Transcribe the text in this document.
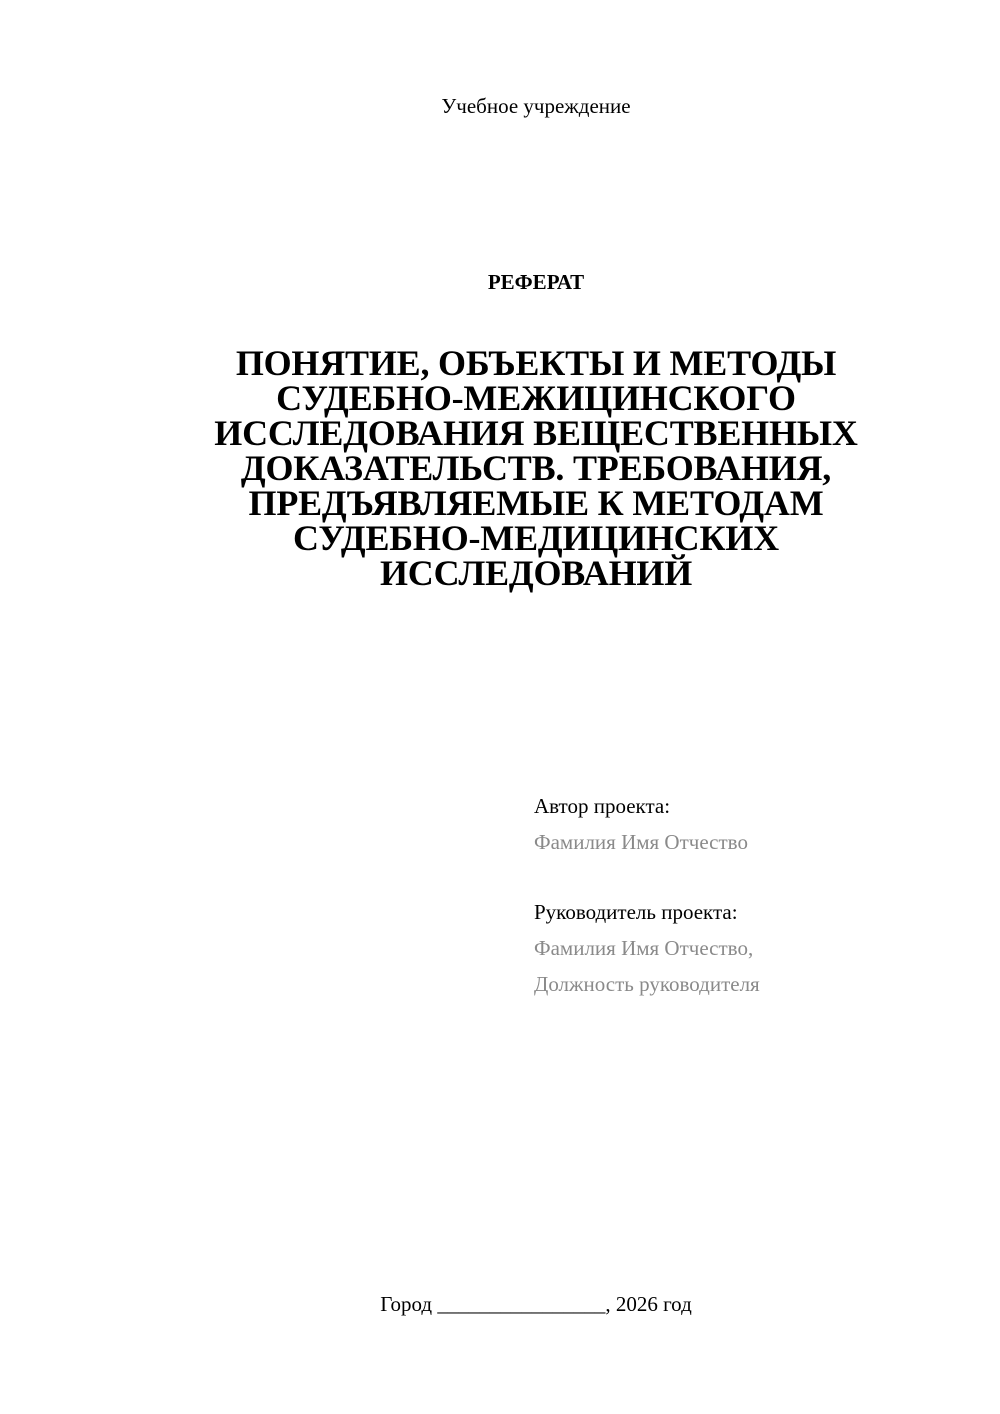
Учебное учреждение
РЕФЕРАТ
ПОНЯТИЕ, ОБЪЕКТЫ И МЕТОДЫ
СУДЕБНО-МЕЖИЦИНСКОГО
ИССЛЕДОВАНИЯ ВЕЩЕСТВЕННЫХ
ДОКАЗАТЕЛЬСТВ. ТРЕБОВАНИЯ,
ПРЕДЪЯВЛЯЕМЫЕ К МЕТОДАМ
СУДЕБНО-МЕДИЦИНСКИХ
ИССЛЕДОВАНИЙ
Автор проекта:
Фамилия Имя Отчество
Руководитель проекта:
Фамилия Имя Отчество,
Должность руководителя
Город ________________, 2026 год
